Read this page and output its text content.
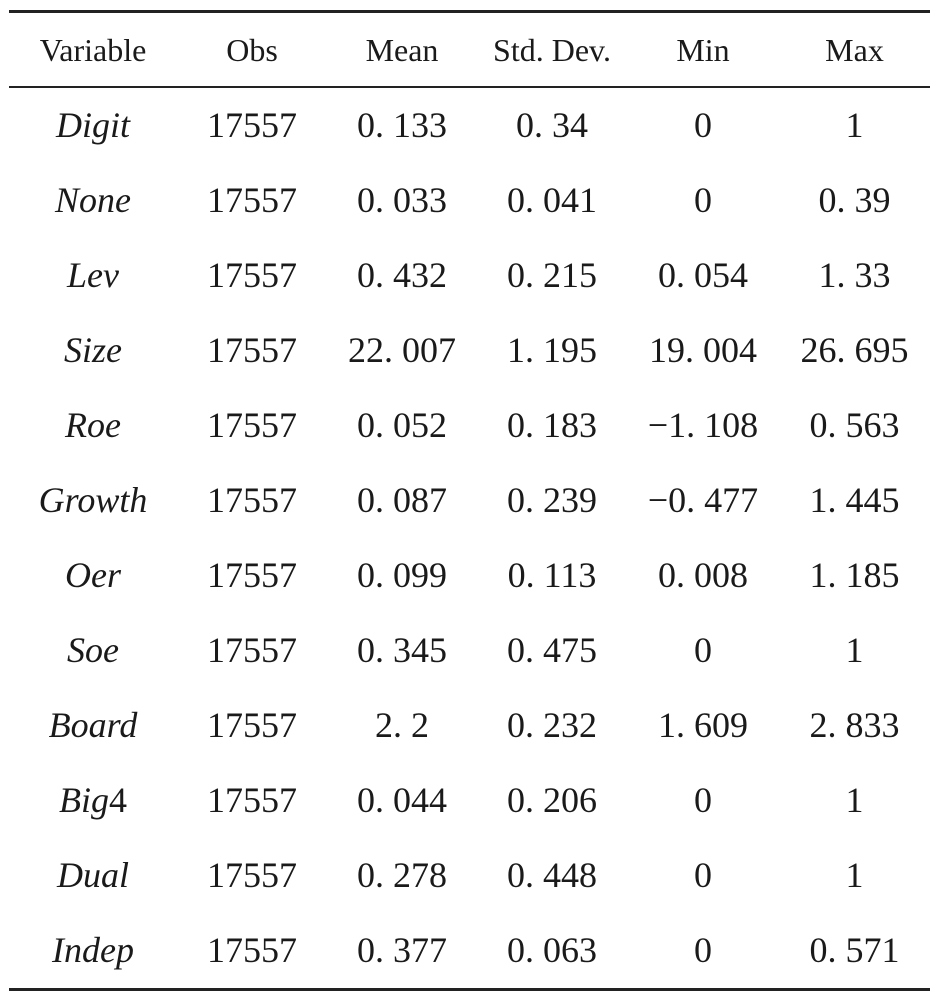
Variable	Obs	Mean	Std. Dev.	Min	Max
Digit	17557	0. 133	0. 34	0	1
None	17557	0. 033	0. 041	0	0. 39
Lev	17557	0. 432	0. 215	0. 054	1. 33
Size	17557	22. 007	1. 195	19. 004	26. 695
Roe	17557	0. 052	0. 183	−1. 108	0. 563
Growth	17557	0. 087	0. 239	−0. 477	1. 445
Oer	17557	0. 099	0. 113	0. 008	1. 185
Soe	17557	0. 345	0. 475	0	1
Board	17557	2. 2	0. 232	1. 609	2. 833
Big4	17557	0. 044	0. 206	0	1
Dual	17557	0. 278	0. 448	0	1
Indep	17557	0. 377	0. 063	0	0. 571
